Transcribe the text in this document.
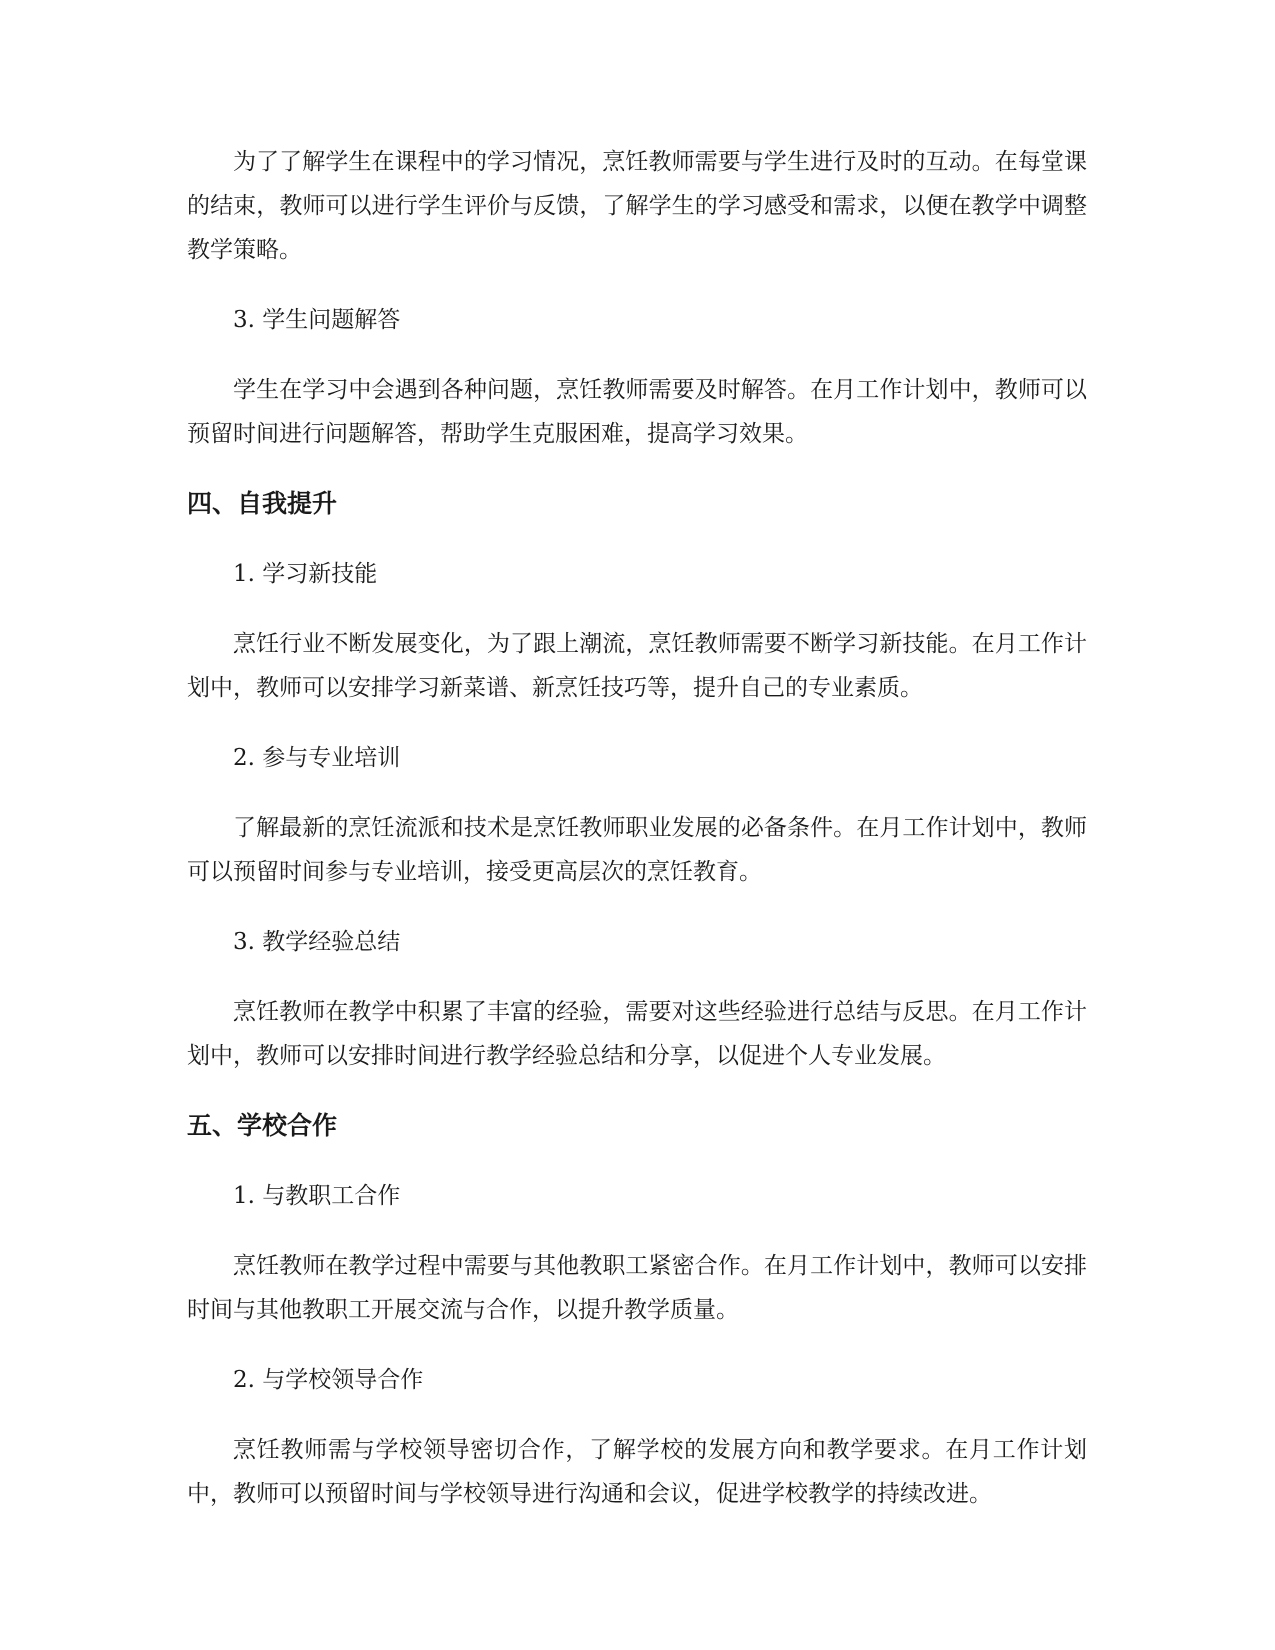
为了了解学生在课程中的学习情况，烹饪教师需要与学生进行及时的互动。在每堂课的结束，教师可以进行学生评价与反馈，了解学生的学习感受和需求，以便在教学中调整教学策略。

3. 学生问题解答

学生在学习中会遇到各种问题，烹饪教师需要及时解答。在月工作计划中，教师可以预留时间进行问题解答，帮助学生克服困难，提高学习效果。

四、自我提升

1. 学习新技能

烹饪行业不断发展变化，为了跟上潮流，烹饪教师需要不断学习新技能。在月工作计划中，教师可以安排学习新菜谱、新烹饪技巧等，提升自己的专业素质。

2. 参与专业培训

了解最新的烹饪流派和技术是烹饪教师职业发展的必备条件。在月工作计划中，教师可以预留时间参与专业培训，接受更高层次的烹饪教育。

3. 教学经验总结

烹饪教师在教学中积累了丰富的经验，需要对这些经验进行总结与反思。在月工作计划中，教师可以安排时间进行教学经验总结和分享，以促进个人专业发展。

五、学校合作

1. 与教职工合作

烹饪教师在教学过程中需要与其他教职工紧密合作。在月工作计划中，教师可以安排时间与其他教职工开展交流与合作，以提升教学质量。

2. 与学校领导合作

烹饪教师需与学校领导密切合作，了解学校的发展方向和教学要求。在月工作计划中，教师可以预留时间与学校领导进行沟通和会议，促进学校教学的持续改进。
